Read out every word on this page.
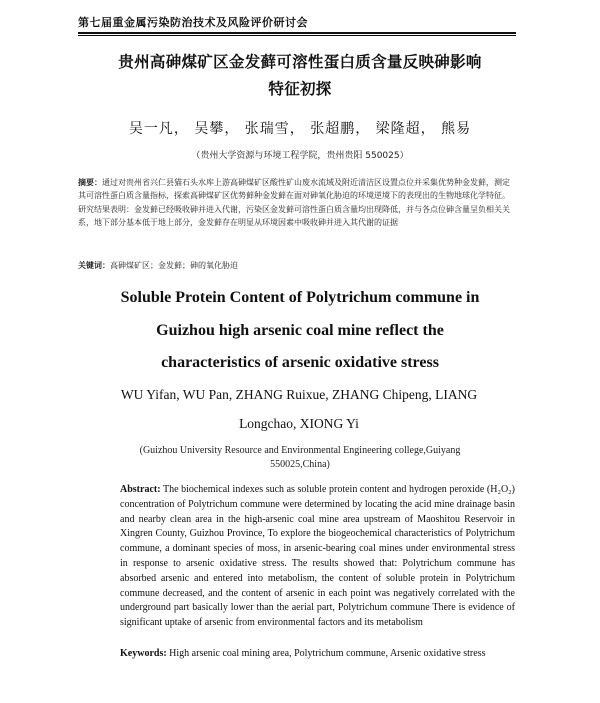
第七届重金属污染防治技术及风险评价研讨会
贵州高砷煤矿区金发藓可溶性蛋白质含量反映砷影响
特征初探
吴一凡， 吴攀， 张瑞雪， 张超鹏， 梁隆超， 熊易
（贵州大学资源与环境工程学院，贵州贵阳 550025）
摘要：通过对贵州省兴仁县猫石头水库上游高砷煤矿区酸性矿山废水流域及附近清洁区设置点位并采集优势种金发藓，测定其可溶性蛋白质含量指标，探索高砷煤矿区优势藓种金发藓在面对砷氧化胁迫的环境逆境下的表现出的生物地球化学特征。研究结果表明：金发藓已经吸收砷并进入代谢，污染区金发藓可溶性蛋白质含量均出现降低，并与各点位砷含量呈负相关关系，地下部分基本低于地上部分，金发藓存在明显从环境因素中吸收砷并进入其代谢的证据
关键词：高砷煤矿区；金发藓；砷的氧化胁迫
Soluble Protein Content of Polytrichum commune in
Guizhou high arsenic coal mine reflect the
characteristics of arsenic oxidative stress
WU Yifan, WU Pan, ZHANG Ruixue, ZHANG Chipeng, LIANG
Longchao, XIONG Yi
(Guizhou University Resource and Environmental Engineering college,Guiyang
550025,China)
Abstract: The biochemical indexes such as soluble protein content and hydrogen peroxide (H₂O₂) concentration of Polytrichum commune were determined by locating the acid mine drainage basin and nearby clean area in the high-arsenic coal mine area upstream of Maoshitou Reservoir in Xingren County, Guizhou Province, To explore the biogeochemical characteristics of Polytrichum commune, a dominant species of moss, in arsenic-bearing coal mines under environmental stress in response to arsenic oxidative stress. The results showed that: Polytrichum commune has absorbed arsenic and entered into metabolism, the content of soluble protein in Polytrichum commune decreased, and the content of arsenic in each point was negatively correlated with the underground part basically lower than the aerial part, Polytrichum commune There is evidence of significant uptake of arsenic from environmental factors and its metabolism
Keywords: High arsenic coal mining area, Polytrichum commune, Arsenic oxidative stress
